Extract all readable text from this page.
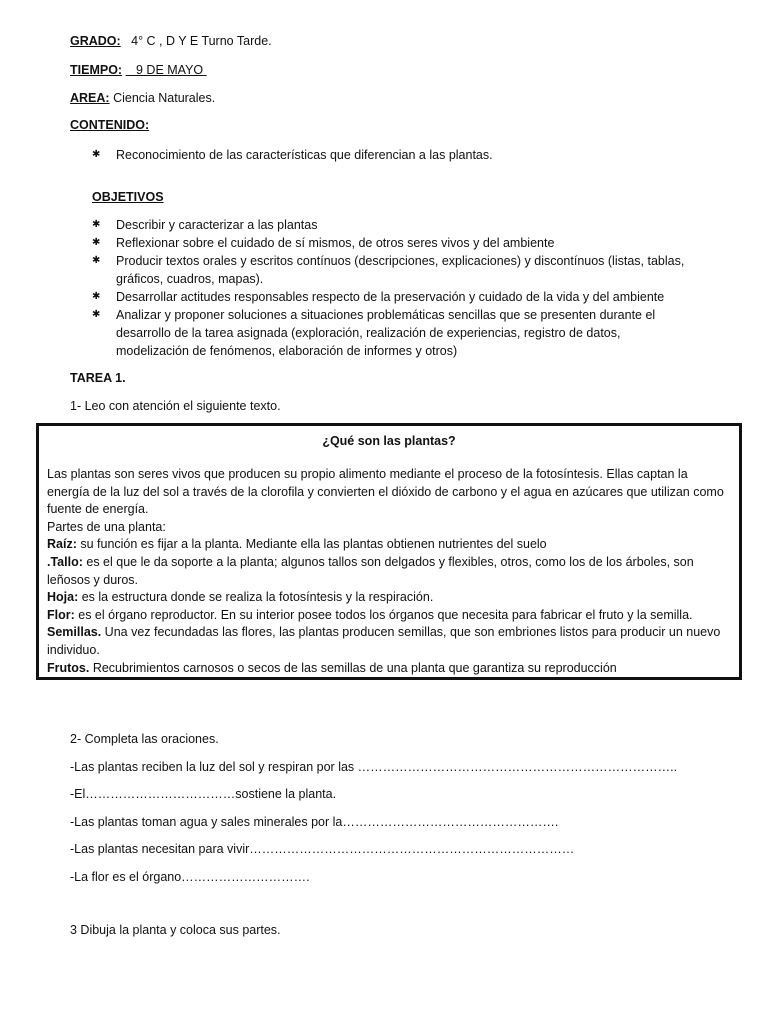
GRADO: 4° C , D Y E Turno Tarde.
TIEMPO: 9 DE MAYO
AREA: Ciencia Naturales.
CONTENIDO:
✱ Reconocimiento de las características que diferencian a las plantas.
OBJETIVOS
✱ Describir y caracterizar a las plantas
✱ Reflexionar sobre el cuidado de sí mismos, de otros seres vivos y del ambiente
✱ Producir textos orales y escritos contínuos (descripciones, explicaciones) y discontínuos (listas, tablas, gráficos, cuadros, mapas).
✱ Desarrollar actitudes responsables respecto de la preservación y cuidado de la vida y del ambiente
✱ Analizar y proponer soluciones a situaciones problemáticas sencillas que se presenten durante el desarrollo de la tarea asignada (exploración, realización de experiencias, registro de datos, modelización de fenómenos, elaboración de informes y otros)
TAREA 1.
1- Leo con atención el siguiente texto.
¿Qué son las plantas?

Las plantas son seres vivos que producen su propio alimento mediante el proceso de la fotosíntesis. Ellas captan la energía de la luz del sol a través de la clorofila y convierten el dióxido de carbono y el agua en azúcares que utilizan como fuente de energía.

Partes de una planta:

Raíz: su función es fijar a la planta. Mediante ella las plantas obtienen nutrientes del suelo

.Tallo: es el que le da soporte a la planta; algunos tallos son delgados y flexibles, otros, como los de los árboles, son leñosos y duros.

Hoja: es la estructura donde se realiza la fotosíntesis y la respiración.

Flor: es el órgano reproductor. En su interior posee todos los órganos que necesita para fabricar el fruto y la semilla.

Semillas. Una vez fecundadas las flores, las plantas producen semillas, que son embriones listos para producir un nuevo individuo.

Frutos. Recubrimientos carnosos o secos de las semillas de una planta que garantiza su reproducción

2- Completa las oraciones.
-Las plantas reciben la luz del sol y respiran por las …………………………………………………………………..
-El………………………………sostiene la planta.
-Las plantas toman agua y sales minerales por la…………………………………………….
-Las plantas necesitan para vivir……………………………………………………………………
-La flor es el órgano………………………….
3 Dibuja la planta y coloca sus partes.
